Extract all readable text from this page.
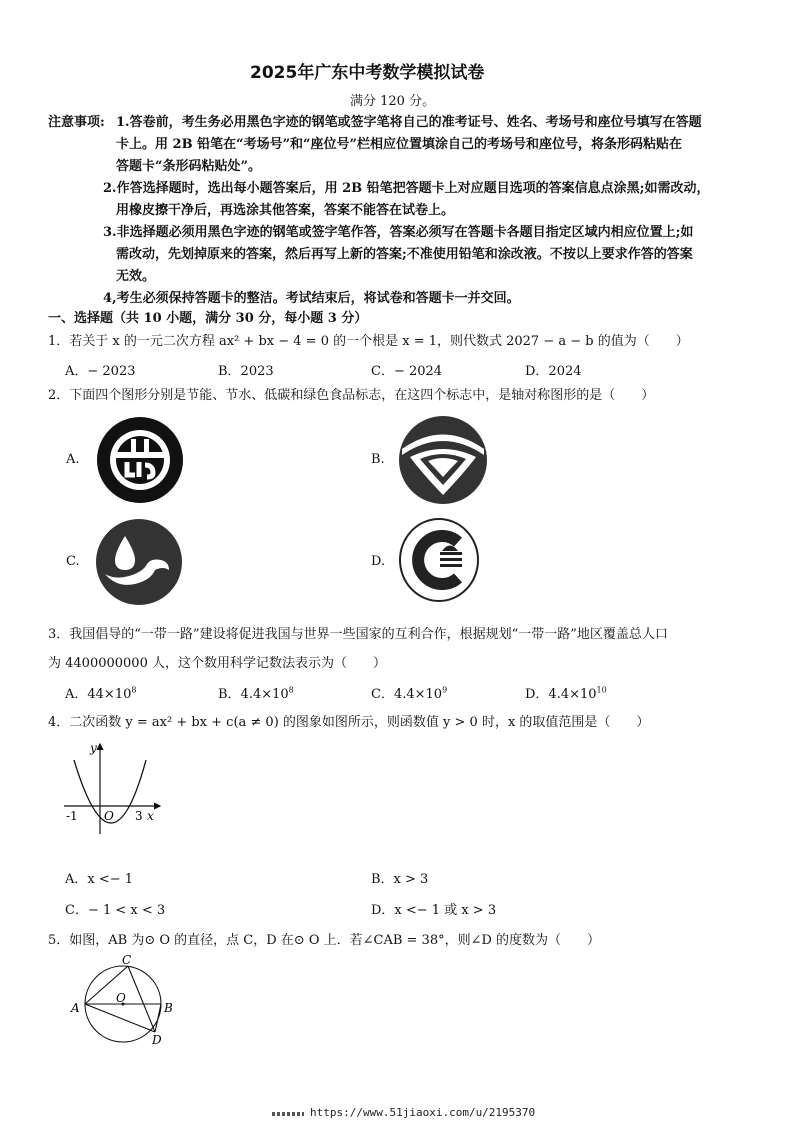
2025年广东中考数学模拟试卷
满分 120 分。
注意事项: 1.答卷前，考生务必用黑色字迹的钢笔或签字笔将自己的准考证号、姓名、考场号和座位号填写在答题
卡上。用 2B 铅笔在“考场号”和“座位号”栏相应位置填涂自己的考场号和座位号，将条形码粘贴在
答题卡“条形码粘贴处”。
2.作答选择题时，选出每小题答案后，用 2B 铅笔把答题卡上对应题目选项的答案信息点涂黑;如需改动，
用橡皮擦干净后，再选涂其他答案，答案不能答在试卷上。
3.非选择题必须用黑色字迹的钢笔或签字笔作答，答案必须写在答题卡各题目指定区域内相应位置上;如
需改动，先划掉原来的答案，然后再写上新的答案;不准使用铅笔和涂改液。不按以上要求作答的答案
无效。
4,考生必须保持答题卡的整洁。考试结束后，将试卷和答题卡一并交回。
一、选择题（共 10 小题，满分 30 分，每小题 3 分）
1．若关于 x 的一元二次方程 ax² + bx − 4 = 0 的一个根是 x = 1，则代数式 2027 − a − b 的值为（　　）
A．− 2023	B．2023	C．− 2024	D．2024
2．下面四个图形分别是节能、节水、低碳和绿色食品标志，在这四个标志中，是轴对称图形的是（　　）
A.	B.
C.	D.
3．我国倡导的“一带一路”建设将促进我国与世界一些国家的互利合作，根据规划“一带一路”地区覆盖总人口
为 4400000000 人，这个数用科学记数法表示为（　　）
A．$44\times 10^8$	B．$4.4\times 10^8$	C．$4.4\times 10^9$	D．$4.4\times 10^{10}$
4．二次函数 y = ax² + bx + c(a ≠ 0) 的图象如图所示，则函数值 y > 0 时，x 的取值范围是（　　）
y
x
O
-1	3
A．x <− 1	B．x > 3
C．− 1 < x < 3	D．x <− 1 或 x > 3
5．如图，AB 为⊙ O 的直径，点 C，D 在⊙ O 上．若∠CAB = 38°，则∠D 的度数为（　　）
A	B
C
D
O
https://www.51jiaoxi.com/u/2195370
